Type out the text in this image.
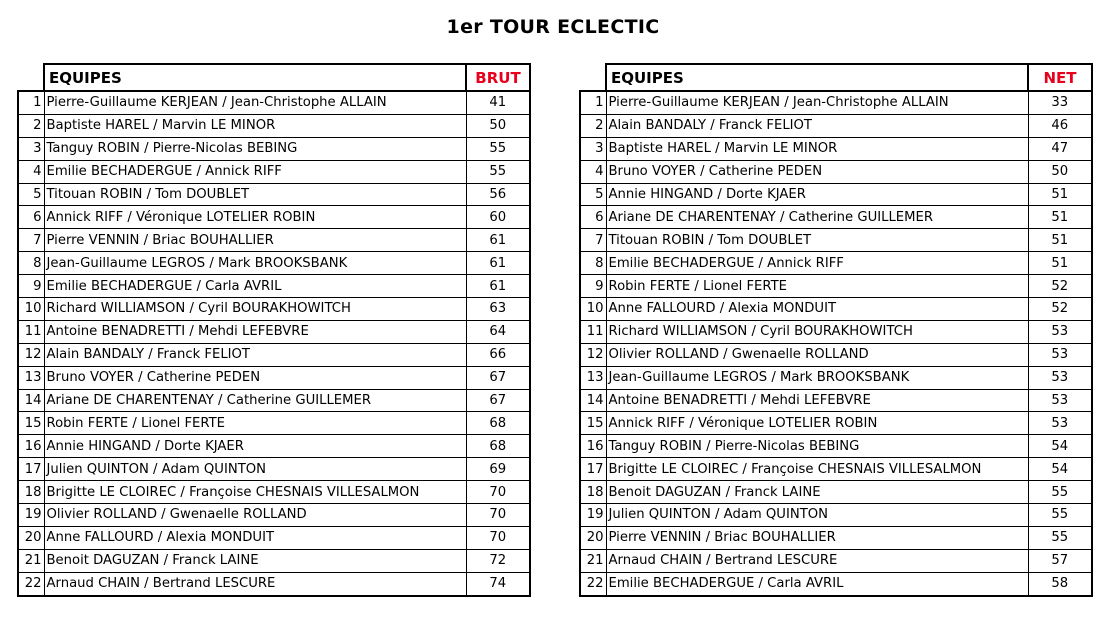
1er TOUR ECLECTIC
	EQUIPES	BRUT
1	Pierre-Guillaume KERJEAN / Jean-Christophe ALLAIN	41
2	Baptiste HAREL / Marvin LE MINOR	50
3	Tanguy ROBIN / Pierre-Nicolas BEBING	55
4	Emilie BECHADERGUE / Annick RIFF	55
5	Titouan ROBIN / Tom DOUBLET	56
6	Annick RIFF / Véronique LOTELIER ROBIN	60
7	Pierre VENNIN / Briac BOUHALLIER	61
8	Jean-Guillaume LEGROS / Mark BROOKSBANK	61
9	Emilie BECHADERGUE / Carla AVRIL	61
10	Richard WILLIAMSON / Cyril BOURAKHOWITCH	63
11	Antoine BENADRETTI / Mehdi LEFEBVRE	64
12	Alain BANDALY / Franck FELIOT	66
13	Bruno VOYER / Catherine PEDEN	67
14	Ariane DE CHARENTENAY / Catherine GUILLEMER	67
15	Robin FERTE / Lionel FERTE	68
16	Annie HINGAND / Dorte KJAER	68
17	Julien QUINTON / Adam QUINTON	69
18	Brigitte LE CLOIREC / Françoise CHESNAIS VILLESALMON	70
19	Olivier ROLLAND / Gwenaelle ROLLAND	70
20	Anne FALLOURD / Alexia MONDUIT	70
21	Benoit DAGUZAN / Franck LAINE	72
22	Arnaud CHAIN / Bertrand LESCURE	74
	EQUIPES	NET
1	Pierre-Guillaume KERJEAN / Jean-Christophe ALLAIN	33
2	Alain BANDALY / Franck FELIOT	46
3	Baptiste HAREL / Marvin LE MINOR	47
4	Bruno VOYER / Catherine PEDEN	50
5	Annie HINGAND / Dorte KJAER	51
6	Ariane DE CHARENTENAY / Catherine GUILLEMER	51
7	Titouan ROBIN / Tom DOUBLET	51
8	Emilie BECHADERGUE / Annick RIFF	51
9	Robin FERTE / Lionel FERTE	52
10	Anne FALLOURD / Alexia MONDUIT	52
11	Richard WILLIAMSON / Cyril BOURAKHOWITCH	53
12	Olivier ROLLAND / Gwenaelle ROLLAND	53
13	Jean-Guillaume LEGROS / Mark BROOKSBANK	53
14	Antoine BENADRETTI / Mehdi LEFEBVRE	53
15	Annick RIFF / Véronique LOTELIER ROBIN	53
16	Tanguy ROBIN / Pierre-Nicolas BEBING	54
17	Brigitte LE CLOIREC / Françoise CHESNAIS VILLESALMON	54
18	Benoit DAGUZAN / Franck LAINE	55
19	Julien QUINTON / Adam QUINTON	55
20	Pierre VENNIN / Briac BOUHALLIER	55
21	Arnaud CHAIN / Bertrand LESCURE	57
22	Emilie BECHADERGUE / Carla AVRIL	58
